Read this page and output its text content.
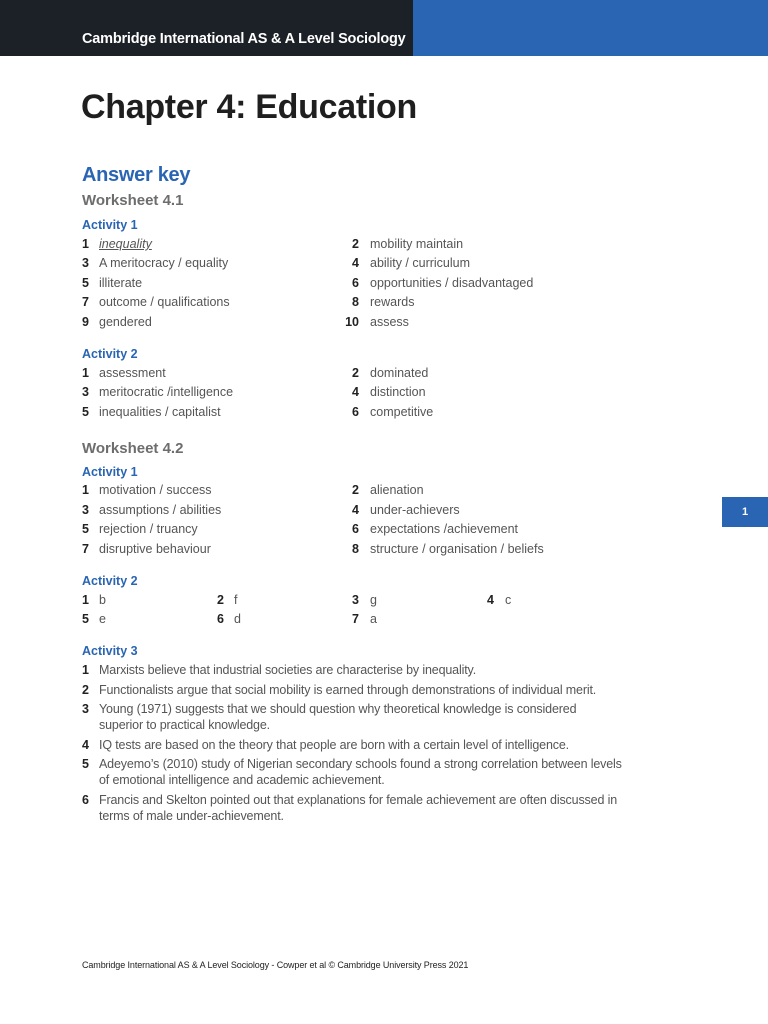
Cambridge International AS & A Level Sociology
Chapter 4: Education
Answer key
Worksheet 4.1
Activity 1
1 inequality	2 mobility maintain
3 A meritocracy / equality	4 ability / curriculum
5 illiterate	6 opportunities / disadvantaged
7 outcome / qualifications	8 rewards
9 gendered	10 assess
Activity 2
1 assessment	2 dominated
3 meritocratic /intelligence	4 distinction
5 inequalities / capitalist	6 competitive
Worksheet 4.2
Activity 1
1 motivation / success	2 alienation
3 assumptions / abilities	4 under-achievers
5 rejection / truancy	6 expectations /achievement
7 disruptive behaviour	8 structure / organisation / beliefs
Activity 2
1 b	2 f	3 g	4 c
5 e	6 d	7 a
Activity 3
1 Marxists believe that industrial societies are characterise by inequality.
2 Functionalists argue that social mobility is earned through demonstrations of individual merit.
3 Young (1971) suggests that we should question why theoretical knowledge is considered superior to practical knowledge.
4 IQ tests are based on the theory that people are born with a certain level of intelligence.
5 Adeyemo’s (2010) study of Nigerian secondary schools found a strong correlation between levels of emotional intelligence and academic achievement.
6 Francis and Skelton pointed out that explanations for female achievement are often discussed in terms of male under-achievement.
1
Cambridge International AS & A Level Sociology - Cowper et al © Cambridge University Press 2021
